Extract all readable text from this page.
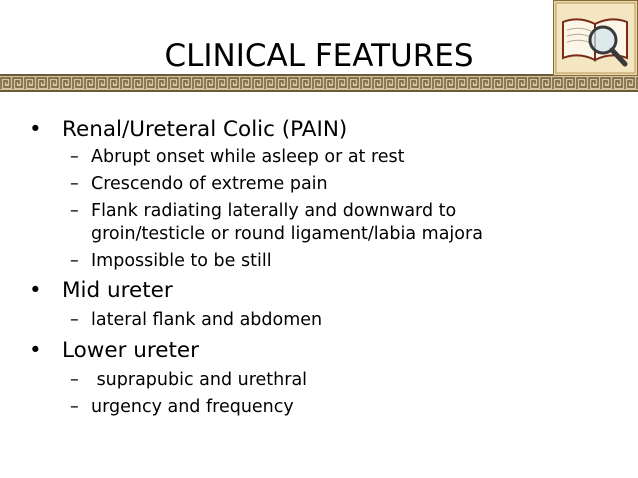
CLINICAL FEATURES
• Renal/Ureteral Colic (PAIN)
– Abrupt onset while asleep or at rest
– Crescendo of extreme pain
– Flank radiating laterally and downward to
groin/testicle or round ligament/labia majora
– Impossible to be still
• Mid ureter
– lateral flank and abdomen
• Lower ureter
– suprapubic and urethral
– urgency and frequency
